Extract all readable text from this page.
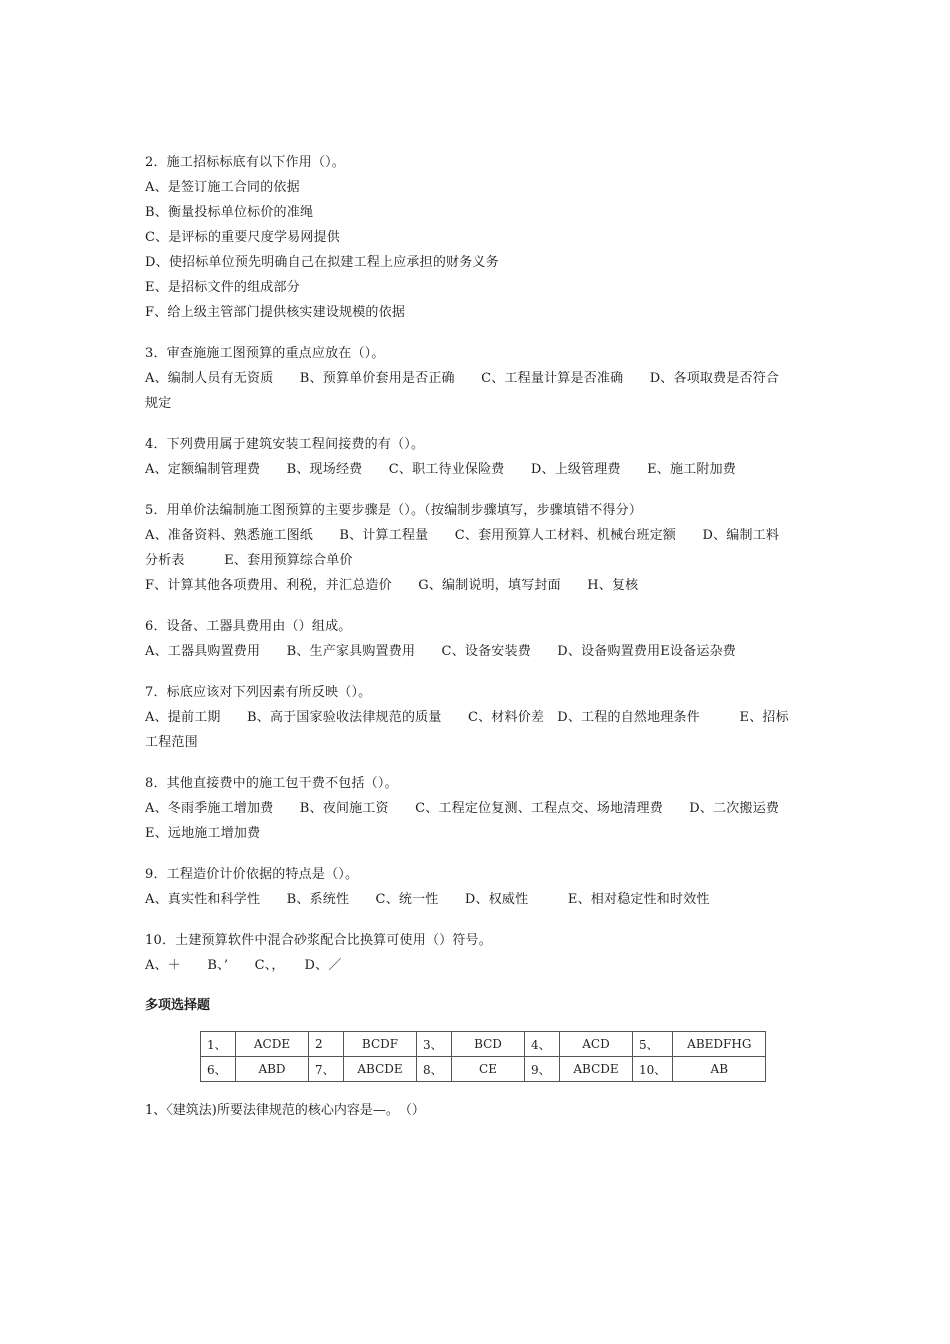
2．施工招标标底有以下作用（）。

A、是签订施工合同的依据

B、衡量投标单位标价的准绳

C、是评标的重要尺度学易网提供

D、使招标单位预先明确自己在拟建工程上应承担的财务义务

E、是招标文件的组成部分

F、给上级主管部门提供核实建设规模的依据

3．审查施施工图预算的重点应放在（）。

A、编制人员有无资质　　B、预算单价套用是否正确　　C、工程量计算是否准确　　D、各项取费是否符合

规定

4．下列费用属于建筑安装工程间接费的有（）。

A、定额编制管理费　　B、现场经费　　C、职工待业保险费　　D、上级管理费　　E、施工附加费

5．用单价法编制施工图预算的主要步骤是（）。（按编制步骤填写，步骤填错不得分）

A、准备资料、熟悉施工图纸　　B、计算工程量　　C、套用预算人工材料、机械台班定额　　D、编制工料

分析表　　　E、套用预算综合单价

F、计算其他各项费用、利税，并汇总造价　　G、编制说明，填写封面　　H、复核

6．设备、工器具费用由（）组成。

A、工器具购置费用　　B、生产家具购置费用　　C、设备安装费　　D、设备购置费用E设备运杂费

7．标底应该对下列因素有所反映（）。

A、提前工期　　B、高于国家验收法律规范的质量　　C、材料价差　D、工程的自然地理条件　　　E、招标

工程范围

8．其他直接费中的施工包干费不包括（）。

A、冬雨季施工增加费　　B、夜间施工资　　C、工程定位复测、工程点交、场地清理费　　D、二次搬运费

E、远地施工增加费

9．工程造价计价依据的特点是（）。

A、真实性和科学性　　B、系统性　　C、统一性　　D、权威性　　　E、相对稳定性和时效性

10．土建预算软件中混合砂浆配合比换算可使用（）符号。

A、＋　　B、’　　C、，　　D、／

多项选择题
1、	ACDE	2	BCDF	3、	BCD	4、	ACD	5、	ABEDFHG
6、	ABD	7、	ABCDE	8、	CE	9、	ABCDE	10、	AB
1、〈建筑法)所要法律规范的核心内容是—。　（）
